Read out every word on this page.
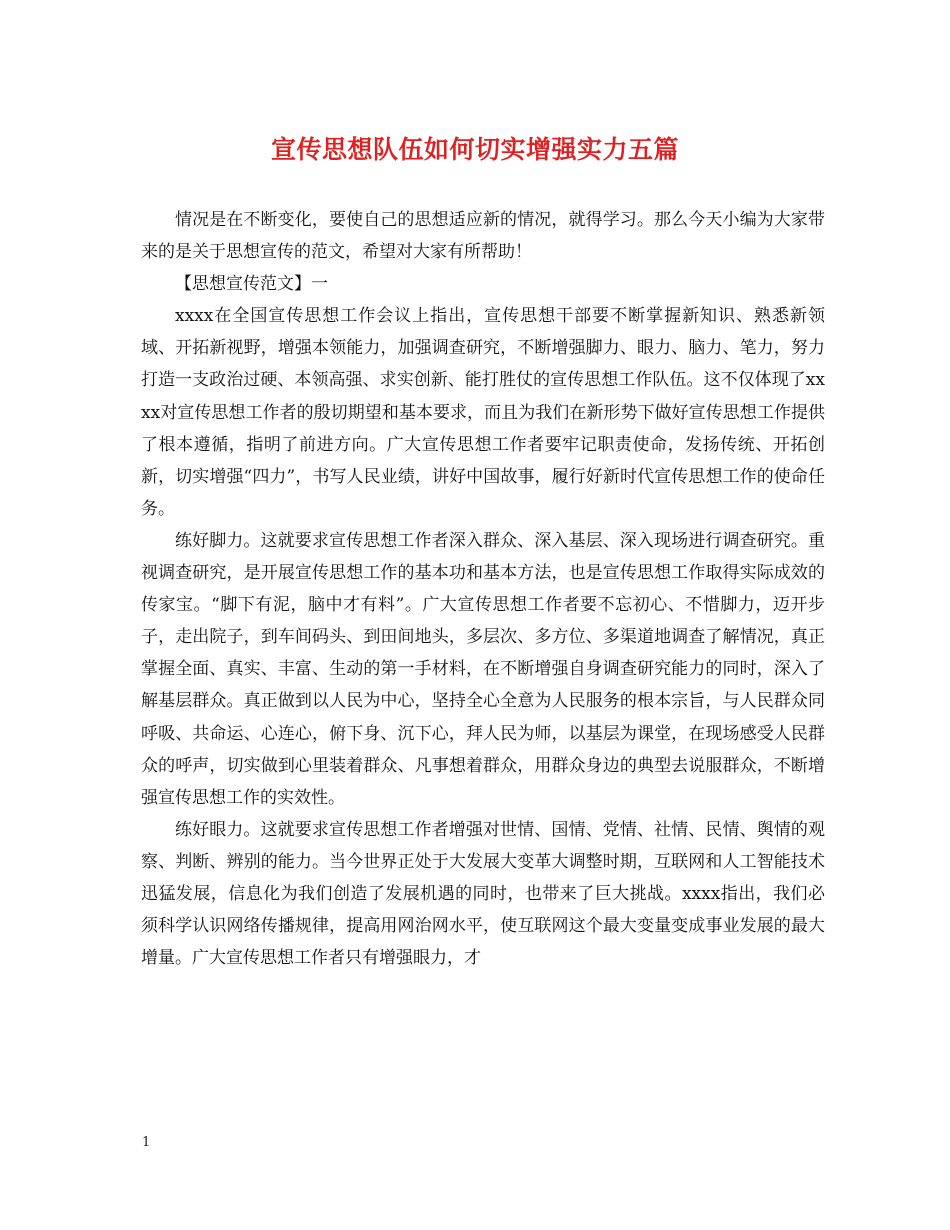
宣传思想队伍如何切实增强实力五篇

情况是在不断变化，要使自己的思想适应新的情况，就得学习。那么今天小编为大家带来的是关于思想宣传的范文，希望对大家有所帮助！

【思想宣传范文】一

xxxx在全国宣传思想工作会议上指出，宣传思想干部要不断掌握新知识、熟悉新领域、开拓新视野，增强本领能力，加强调查研究，不断增强脚力、眼力、脑力、笔力，努力打造一支政治过硬、本领高强、求实创新、能打胜仗的宣传思想工作队伍。这不仅体现了xxxx对宣传思想工作者的殷切期望和基本要求，而且为我们在新形势下做好宣传思想工作提供了根本遵循，指明了前进方向。广大宣传思想工作者要牢记职责使命，发扬传统、开拓创新，切实增强“四力”，书写人民业绩，讲好中国故事，履行好新时代宣传思想工作的使命任务。

练好脚力。这就要求宣传思想工作者深入群众、深入基层、深入现场进行调查研究。重视调查研究，是开展宣传思想工作的基本功和基本方法，也是宣传思想工作取得实际成效的传家宝。“脚下有泥，脑中才有料”。广大宣传思想工作者要不忘初心、不惜脚力，迈开步子，走出院子，到车间码头、到田间地头，多层次、多方位、多渠道地调查了解情况，真正掌握全面、真实、丰富、生动的第一手材料，在不断增强自身调查研究能力的同时，深入了解基层群众。真正做到以人民为中心，坚持全心全意为人民服务的根本宗旨，与人民群众同呼吸、共命运、心连心，俯下身、沉下心，拜人民为师，以基层为课堂，在现场感受人民群众的呼声，切实做到心里装着群众、凡事想着群众，用群众身边的典型去说服群众，不断增强宣传思想工作的实效性。

练好眼力。这就要求宣传思想工作者增强对世情、国情、党情、社情、民情、舆情的观察、判断、辨别的能力。当今世界正处于大发展大变革大调整时期，互联网和人工智能技术迅猛发展，信息化为我们创造了发展机遇的同时，也带来了巨大挑战。xxxx指出，我们必须科学认识网络传播规律，提高用网治网水平，使互联网这个最大变量变成事业发展的最大增量。广大宣传思想工作者只有增强眼力，才

1
